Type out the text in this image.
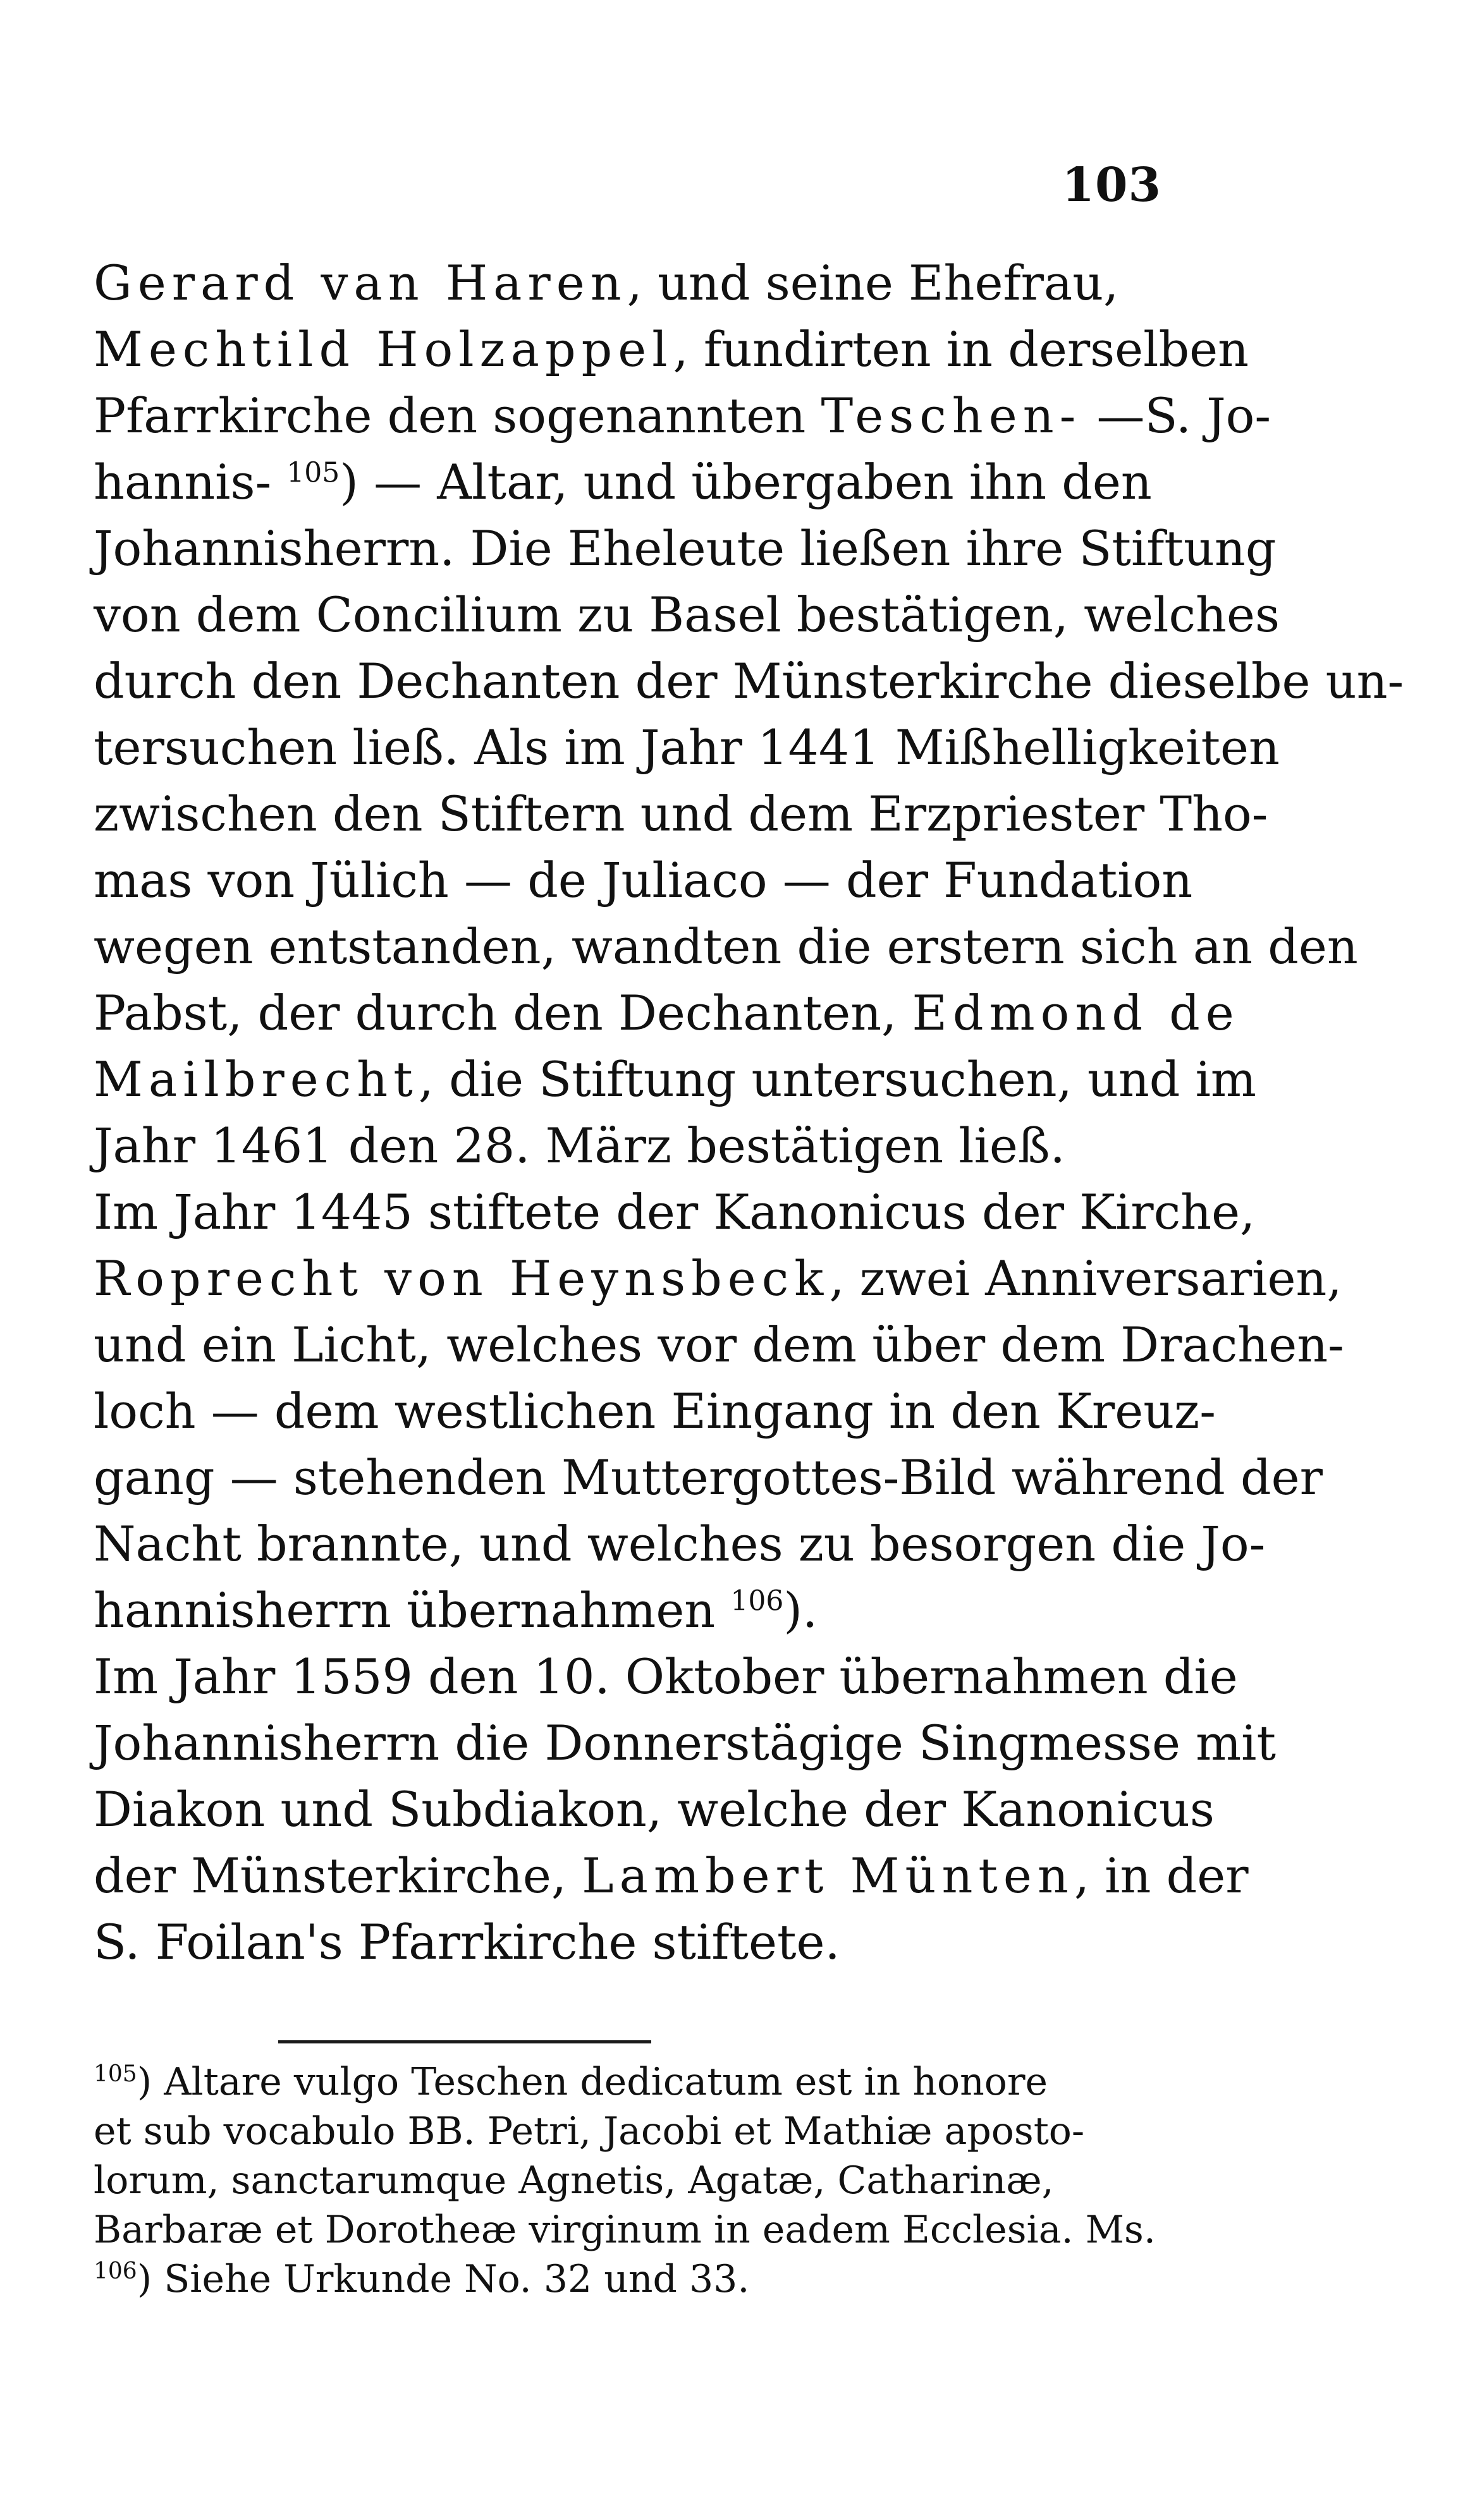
103
Gerard van Haren, und seine Ehefrau,
Mechtild Holzappel, fundirten in derselben
Pfarrkirche den sogenannten Teschen- —S. Jo-
hannis- $^{105}$) — Altar, und übergaben ihn den
Johannisherrn. Die Eheleute ließen ihre Stiftung
von dem Concilium zu Basel bestätigen, welches
durch den Dechanten der Münsterkirche dieselbe un-
tersuchen ließ. Als im Jahr 1441 Mißhelligkeiten
zwischen den Stiftern und dem Erzpriester Tho-
mas von Jülich — de Juliaco — der Fundation
wegen entstanden, wandten die erstern sich an den
Pabst, der durch den Dechanten, Edmond de
Mailbrecht, die Stiftung untersuchen, und im
Jahr 1461 den 28. März bestätigen ließ.
Im Jahr 1445 stiftete der Kanonicus der Kirche,
Roprecht von Heynsbeck, zwei Anniversarien,
und ein Licht, welches vor dem über dem Drachen-
loch — dem westlichen Eingang in den Kreuz-
gang — stehenden Muttergottes-Bild während der
Nacht brannte, und welches zu besorgen die Jo-
hannisherrn übernahmen $^{106}$).
Im Jahr 1559 den 10. Oktober übernahmen die
Johannisherrn die Donnerstägige Singmesse mit
Diakon und Subdiakon, welche der Kanonicus
der Münsterkirche, Lambert Münten, in der
S. Foilan's Pfarrkirche stiftete.
$^{105}$) Altare vulgo Teschen dedicatum est in honore
et sub vocabulo BB. Petri, Jacobi et Mathiæ aposto-
lorum, sanctarumque Agnetis, Agatæ, Catharinæ,
Barbaræ et Dorotheæ virginum in eadem Ecclesia. Ms.
$^{106}$) Siehe Urkunde No. 32 und 33.
